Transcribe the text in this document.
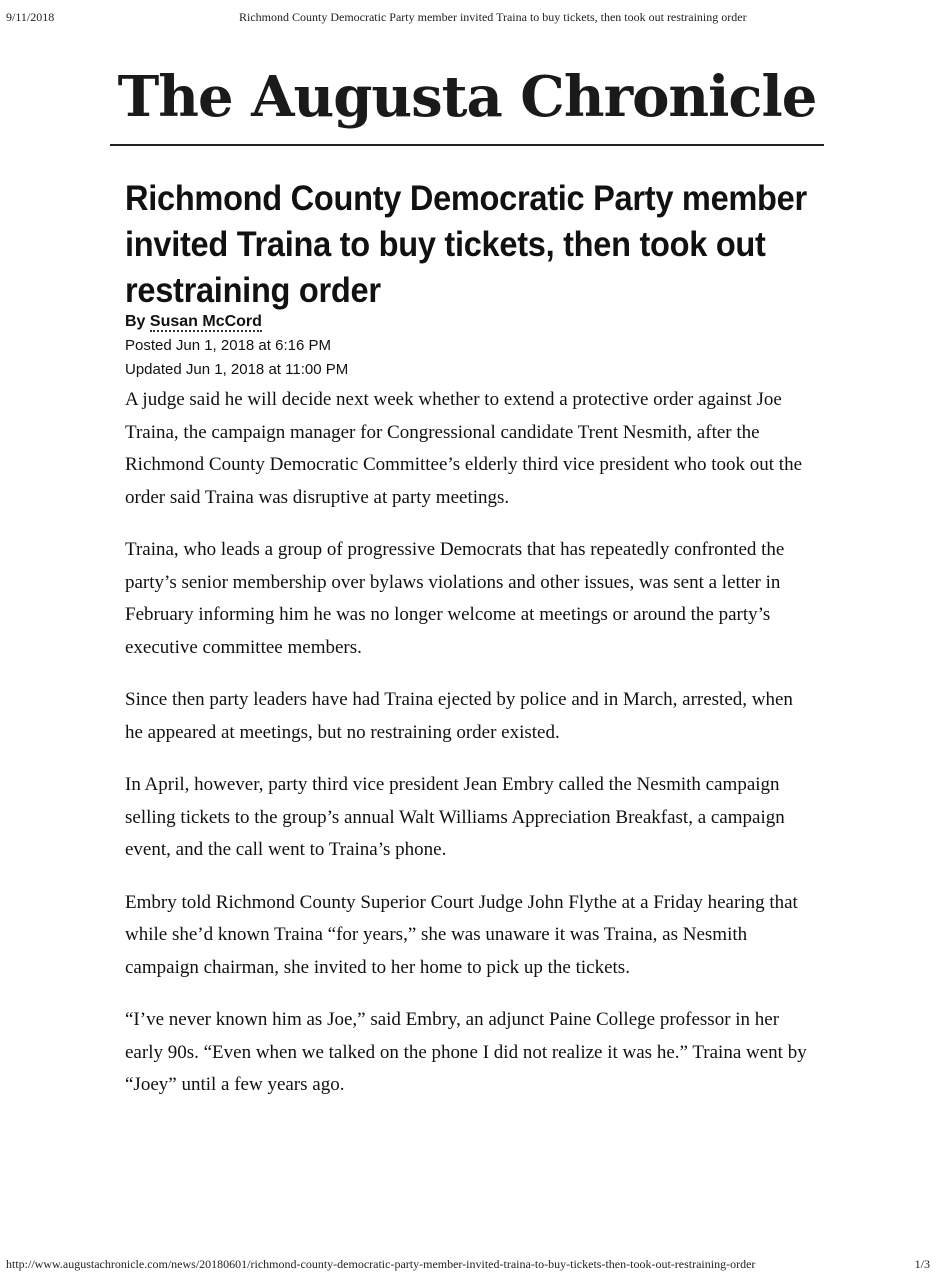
9/11/2018	Richmond County Democratic Party member invited Traina to buy tickets, then took out restraining order
The Augusta Chronicle
Richmond County Democratic Party member invited Traina to buy tickets, then took out restraining order
By Susan McCord
Posted Jun 1, 2018 at 6:16 PM
Updated Jun 1, 2018 at 11:00 PM

A judge said he will decide next week whether to extend a protective order against Joe Traina, the campaign manager for Congressional candidate Trent Nesmith, after the Richmond County Democratic Committee’s elderly third vice president who took out the order said Traina was disruptive at party meetings.

Traina, who leads a group of progressive Democrats that has repeatedly confronted the party’s senior membership over bylaws violations and other issues, was sent a letter in February informing him he was no longer welcome at meetings or around the party’s executive committee members.

Since then party leaders have had Traina ejected by police and in March, arrested, when he appeared at meetings, but no restraining order existed.

In April, however, party third vice president Jean Embry called the Nesmith campaign selling tickets to the group’s annual Walt Williams Appreciation Breakfast, a campaign event, and the call went to Traina’s phone.

Embry told Richmond County Superior Court Judge John Flythe at a Friday hearing that while she’d known Traina “for years,” she was unaware it was Traina, as Nesmith campaign chairman, she invited to her home to pick up the tickets.

“I’ve never known him as Joe,” said Embry, an adjunct Paine College professor in her early 90s. “Even when we talked on the phone I did not realize it was he.” Traina went by “Joey” until a few years ago.

http://www.augustachronicle.com/news/20180601/richmond-county-democratic-party-member-invited-traina-to-buy-tickets-then-took-out-restraining-order	1/3
